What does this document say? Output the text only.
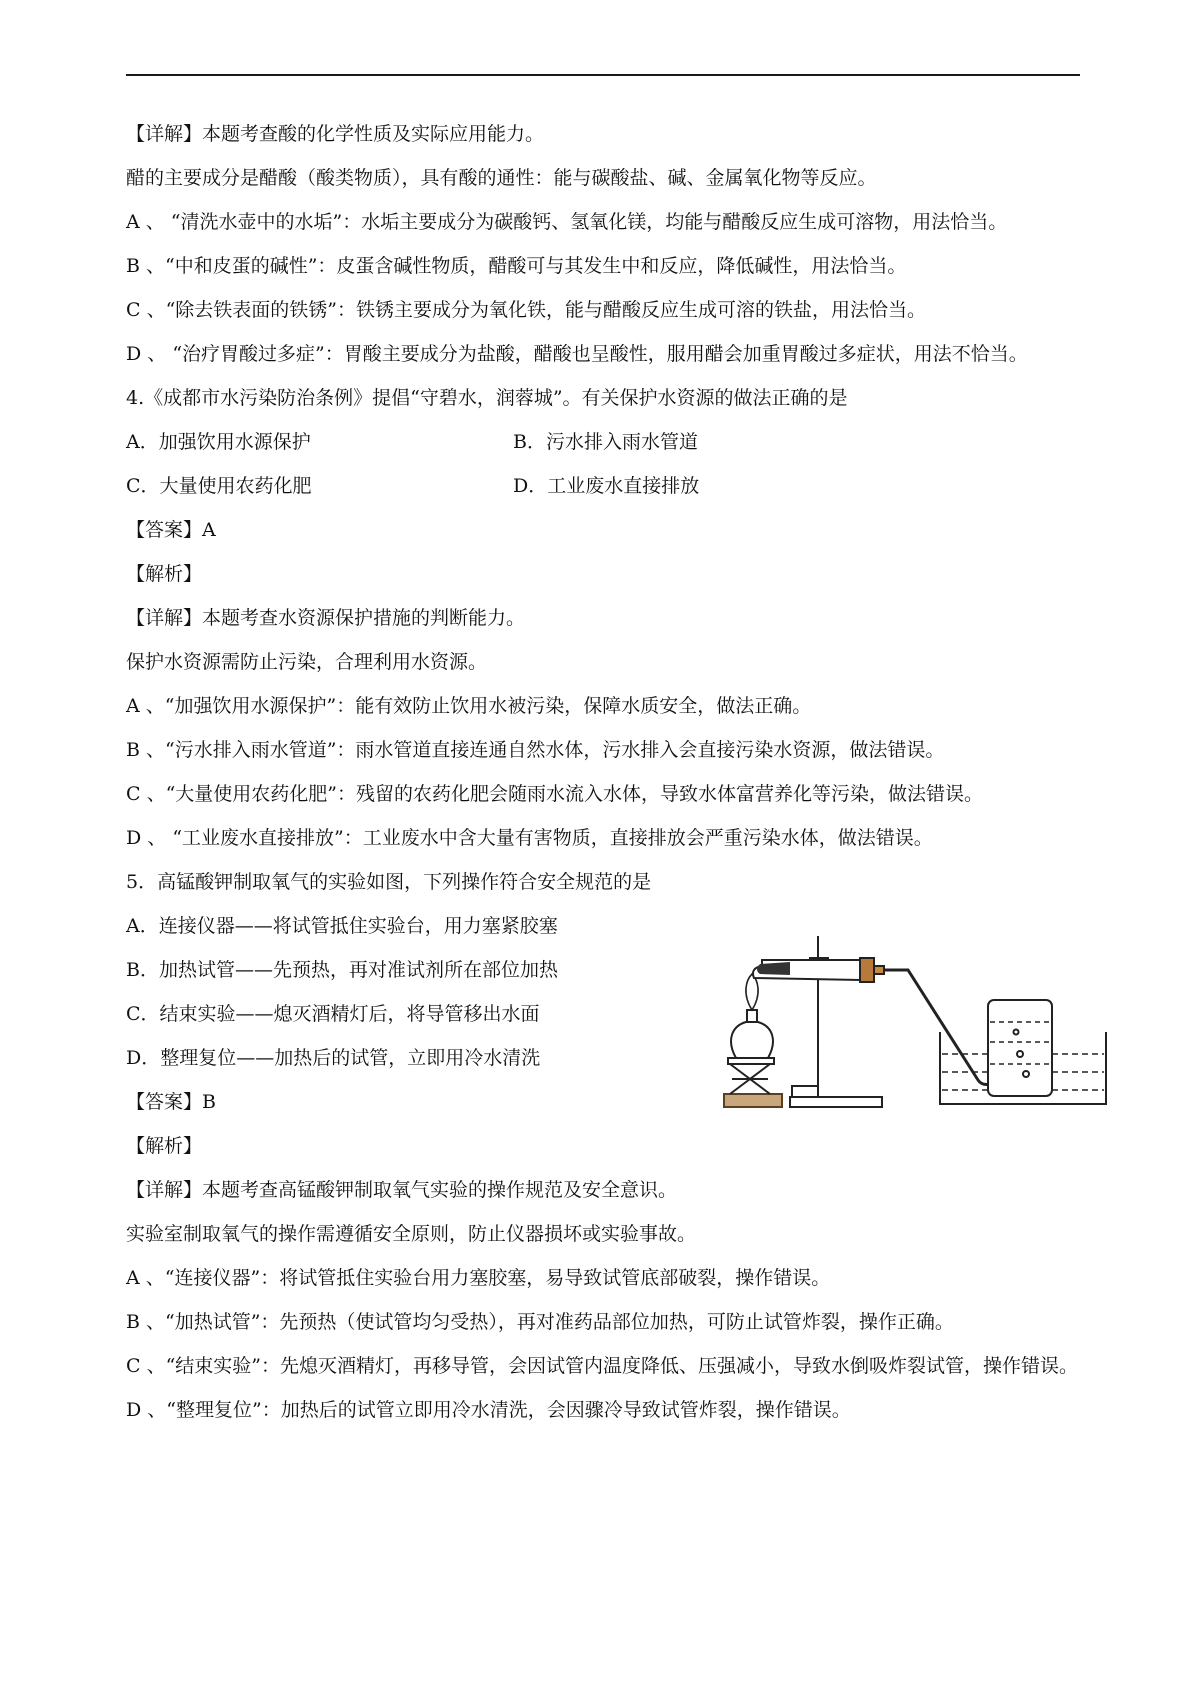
【详解】本题考查酸的化学性质及实际应用能力。
醋的主要成分是醋酸（酸类物质），具有酸的通性：能与碳酸盐、碱、金属氧化物等反应。
A 、 “清洗水壶中的水垢”：水垢主要成分为碳酸钙、氢氧化镁，均能与醋酸反应生成可溶物，用法恰当。
B 、“中和皮蛋的碱性”：皮蛋含碱性物质，醋酸可与其发生中和反应，降低碱性，用法恰当。
C 、“除去铁表面的铁锈”：铁锈主要成分为氧化铁，能与醋酸反应生成可溶的铁盐，用法恰当。
D 、 “治疗胃酸过多症”：胃酸主要成分为盐酸，醋酸也呈酸性，服用醋会加重胃酸过多症状，用法不恰当。
4.《成都市水污染防治条例》提倡“守碧水，润蓉城”。有关保护水资源的做法正确的是
A．加强饮用水源保护	B．污水排入雨水管道
C．大量使用农药化肥	D．工业废水直接排放
【答案】A
【解析】
【详解】本题考查水资源保护措施的判断能力。
保护水资源需防止污染，合理利用水资源。
A 、“加强饮用水源保护”：能有效防止饮用水被污染，保障水质安全，做法正确。
B 、“污水排入雨水管道”：雨水管道直接连通自然水体，污水排入会直接污染水资源，做法错误。
C 、“大量使用农药化肥”：残留的农药化肥会随雨水流入水体，导致水体富营养化等污染，做法错误。
D 、 “工业废水直接排放”：工业废水中含大量有害物质，直接排放会严重污染水体，做法错误。
5．高锰酸钾制取氧气的实验如图，下列操作符合安全规范的是
A．连接仪器——将试管抵住实验台，用力塞紧胶塞
B．加热试管——先预热，再对准试剂所在部位加热
C．结束实验——熄灭酒精灯后，将导管移出水面
D．整理复位——加热后的试管，立即用冷水清洗
【答案】B
【解析】
【详解】本题考查高锰酸钾制取氧气实验的操作规范及安全意识。
实验室制取氧气的操作需遵循安全原则，防止仪器损坏或实验事故。
A 、“连接仪器”：将试管抵住实验台用力塞胶塞，易导致试管底部破裂，操作错误。
B 、“加热试管”：先预热（使试管均匀受热），再对准药品部位加热，可防止试管炸裂，操作正确。
C 、“结束实验”：先熄灭酒精灯，再移导管，会因试管内温度降低、压强减小，导致水倒吸炸裂试管，操作错误。
D 、“整理复位”：加热后的试管立即用冷水清洗，会因骤冷导致试管炸裂，操作错误。
